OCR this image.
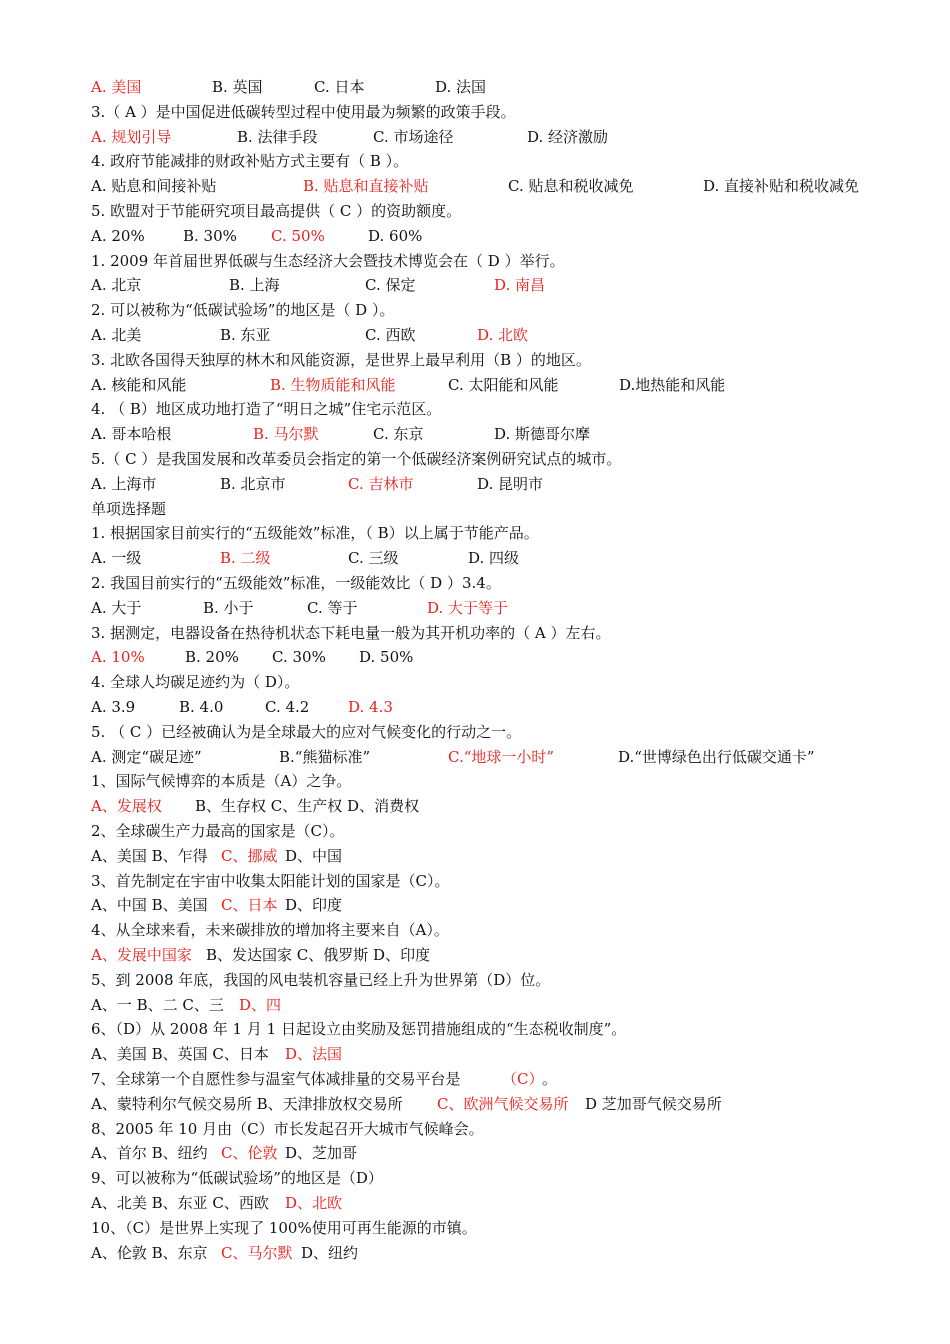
A. 美国	B. 英国	C. 日本	D. 法国
3.（ A ）是中国促进低碳转型过程中使用最为频繁的政策手段。
A. 规划引导	B. 法律手段	C. 市场途径	D. 经济激励
4. 政府节能减排的财政补贴方式主要有（ B ）。
A. 贴息和间接补贴	B. 贴息和直接补贴	C. 贴息和税收减免	D. 直接补贴和税收减免
5. 欧盟对于节能研究项目最高提供（ C ）的资助额度。
A. 20%	B. 30% C. 50%	D. 60%
1. 2009 年首届世界低碳与生态经济大会暨技术博览会在（ D ）举行。
A. 北京	B. 上海	C. 保定	D. 南昌
2. 可以被称为“低碳试验场”的地区是（ D ）。
A. 北美	B. 东亚	C. 西欧	D. 北欧
3. 北欧各国得天独厚的林木和风能资源，是世界上最早利用（B ）的地区。
A. 核能和风能	B. 生物质能和风能	C. 太阳能和风能	D.地热能和风能
4. （ B）地区成功地打造了“明日之城”住宅示范区。
A. 哥本哈根	B. 马尔默	C. 东京	D. 斯德哥尔摩
5.（ C ）是我国发展和改革委员会指定的第一个低碳经济案例研究试点的城市。
A. 上海市	B. 北京市	C. 吉林市	D. 昆明市
单项选择题
1. 根据国家目前实行的“五级能效”标准，（ B）以上属于节能产品。
A. 一级	B. 二级	C. 三级	D. 四级
2. 我国目前实行的“五级能效”标准，一级能效比（ D ）3.4。
A. 大于	B. 小于	C. 等于	D. 大于等于
3. 据测定，电器设备在热待机状态下耗电量一般为其开机功率的（ A ）左右。
A. 10%	B. 20% C. 30% D. 50%
4. 全球人均碳足迹约为（ D）。
A. 3.9	B. 4.0	C. 4.2	D. 4.3
5. （ C ）已经被确认为是全球最大的应对气候变化的行动之一。
A. 测定“碳足迹”	B.“熊猫标准”	C.“地球一小时”	D.“世博绿色出行低碳交通卡”
1、国际气候博弈的本质是（A）之争。
A、发展权 B、生存权 C、生产权 D、消费权
2、全球碳生产力最高的国家是（C）。
A、美国 B、乍得 C、挪威 D、中国
3、首先制定在宇宙中收集太阳能计划的国家是（C）。
A、中国 B、美国 C、日本 D、印度
4、从全球来看，未来碳排放的增加将主要来自（A）。
A、发展中国家 B、发达国家 C、俄罗斯 D、印度
5、到 2008 年底，我国的风电装机容量已经上升为世界第（D）位。
A、一 B、二 C、三 D、四
6、（D）从 2008 年 1 月 1 日起设立由奖励及惩罚措施组成的“生态税收制度”。
A、美国 B、英国 C、日本 D、法国
7、全球第一个自愿性参与温室气体减排量的交易平台是	（C）
。
A、蒙特利尔气候交易所 B、天津排放权交易所 C、欧洲气候交易所 D 芝加哥气候交易所
8、2005 年 10 月由（C）市长发起召开大城市气候峰会。
A、首尔 B、纽约 C、伦敦 D、芝加哥
9、可以被称为“低碳试验场”的地区是（D）
A、北美 B、东亚 C、西欧 D、北欧
10、（C）是世界上实现了 100%使用可再生能源的市镇。
A、伦敦 B、东京 C、马尔默 D、纽约
